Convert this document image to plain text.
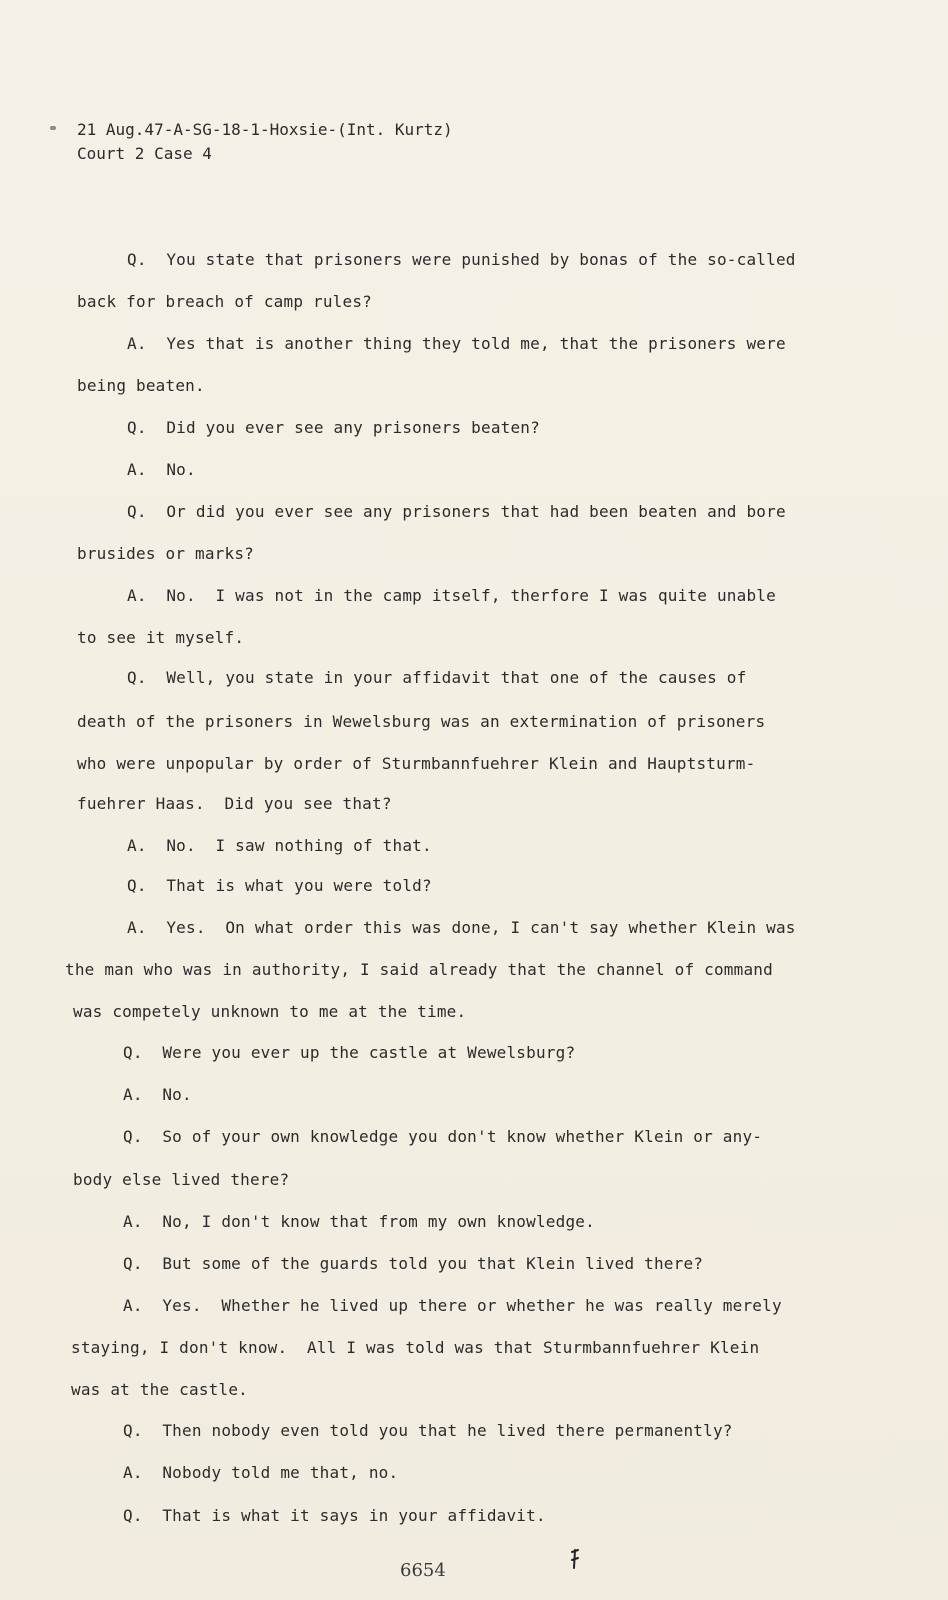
21 Aug.47-A-SG-18-1-Hoxsie-(Int. Kurtz)
Court 2 Case 4
Q.  You state that prisoners were punished by bonas of the so-called
back for breach of camp rules?
A.  Yes that is another thing they told me, that the prisoners were
being beaten.
Q.  Did you ever see any prisoners beaten?
A.  No.
Q.  Or did you ever see any prisoners that had been beaten and bore
brusides or marks?
A.  No.  I was not in the camp itself, therfore I was quite unable
to see it myself.
Q.  Well, you state in your affidavit that one of the causes of
death of the prisoners in Wewelsburg was an extermination of prisoners
who were unpopular by order of Sturmbannfuehrer Klein and Hauptsturm-
fuehrer Haas.  Did you see that?
A.  No.  I saw nothing of that.
Q.  That is what you were told?
A.  Yes.  On what order this was done, I can't say whether Klein was
the man who was in authority, I said already that the channel of command
was competely unknown to me at the time.
Q.  Were you ever up the castle at Wewelsburg?
A.  No.
Q.  So of your own knowledge you don't know whether Klein or any-
body else lived there?
A.  No, I don't know that from my own knowledge.
Q.  But some of the guards told you that Klein lived there?
A.  Yes.  Whether he lived up there or whether he was really merely
staying, I don't know.  All I was told was that Sturmbannfuehrer Klein
was at the castle.
Q.  Then nobody even told you that he lived there permanently?
A.  Nobody told me that, no.
Q.  That is what it says in your affidavit.
6654
